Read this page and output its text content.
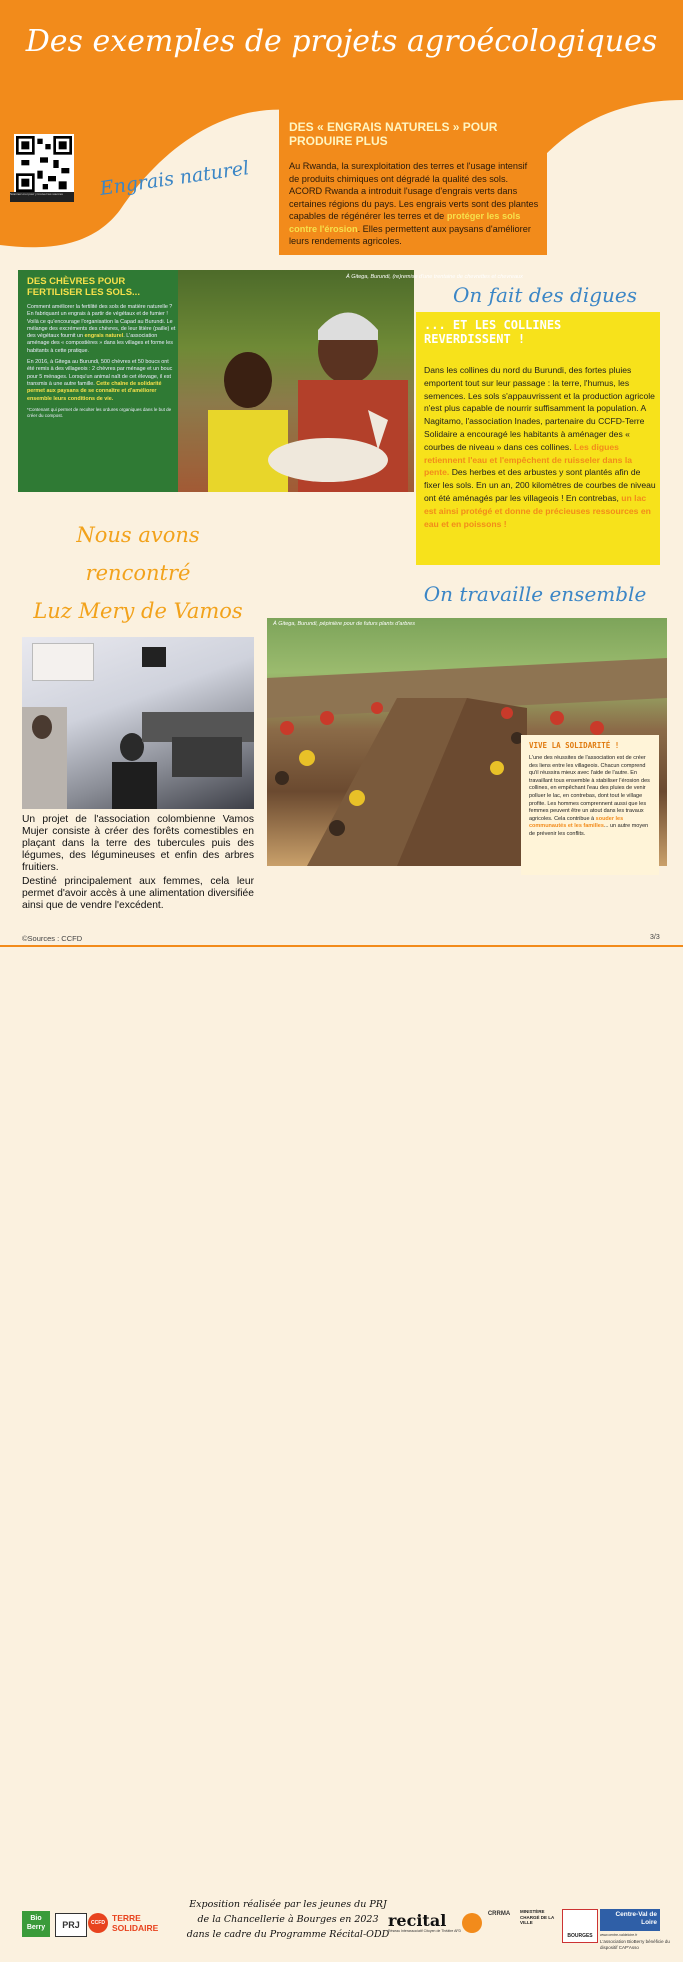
Des exemples de projets agroécologiques
Scannez-moi pour y trouver les sources	Engrais naturel
DES « ENGRAIS NATURELS » POUR PRODUIRE PLUS
Au Rwanda, la surexploitation des terres et l'usage intensif de produits chimiques ont dégradé la qualité des sols. ACORD Rwanda a introduit l'usage d'engrais verts dans certaines régions du pays. Les engrais verts sont des plantes capables de régénérer les terres et de protéger les sols contre l'érosion. Elles permettent aux paysans d'améliorer leurs rendements agricoles.
DES CHÈVRES POUR FERTILISER LES SOLS...

Comment améliorer la fertilité des sols de matière naturelle ? En fabriquant un engrais à partir de végétaux et de fumier ! Voilà ce qu'encourage l'organisation la Capad au Burundi. Le mélange des excréments des chèvres, de leur litière (paille) et des végétaux fournit un engrais naturel. L'association aménage des « compostières » dans les villages et forme les habitants à cette pratique.

En 2016, à Gitega au Burundi, 500 chèvres et 50 boucs ont été remis à des villageois : 2 chèvres par ménage et un bouc pour 5 ménages. Lorsqu'un animal naît de cet élevage, il est transmis à une autre famille. Cette chaîne de solidarité permet aux paysans de se connaître et d'améliorer ensemble leurs conditions de vie.

*Contenant qui permet de recolter les ordures organiques dans le but de créer du compost.

À Gitega, Burundi, (re)remise d'une trentaine de chevrettes et chevreaux
On fait des digues
... ET LES COLLINES REVERDISSENT !
Dans les collines du nord du Burundi, des fortes pluies emportent tout sur leur passage : la terre, l'humus, les semences. Les sols s'appauvrissent et la production agricole n'est plus capable de nourrir suffisamment la population. A Nagitamo, l'association Inades, partenaire du CCFD-Terre Solidaire a encouragé les habitants à aménager des « courbes de niveau » dans ces collines. Les digues retiennent l'eau et l'empêchent de ruisseler dans la pente. Des herbes et des arbustes y sont plantés afin de fixer les sols. En un an, 200 kilomètres de courbes de niveau ont été aménagés par les villageois ! En contrebas, un lac est ainsi protégé et donne de précieuses ressources en eau et en poissons !
Nous avons rencontré
Luz Mery de Vamos
Un projet de l'association colombienne Vamos Mujer consiste à créer des forêts comestibles en plaçant dans la terre des tubercules puis des légumes, des légumineuses et enfin des arbres fruitiers.
Destiné principalement aux femmes, cela leur permet d'avoir accès à une alimentation diversifiée ainsi que de vendre l'excédent.
On travaille ensemble
À Gitega, Burundi, pépinière pour de futurs plants d'arbres
VIVE LA SOLIDARITÉ !
L'une des réussites de l'association est de créer des liens entre les villageois. Chacun comprend qu'il réussira mieux avec l'aide de l'autre. En travaillant tous ensemble à stabiliser l'érosion des collines, en empêchant l'eau des pluies de venir polluer le lac, en contrebas, dont tout le village profite. Les hommes comprennent aussi que les femmes peuvent être un atout dans les travaux agricoles. Cela contribue à souder les communautés et les familles... un autre moyen de prévenir les conflits.
©Sources : CCFD	3/3
Bio Berry	PRJ	CCFD TERRE SOLIDAIRE
Exposition réalisée par les jeunes du PRJ
de la Chancellerie à Bourges en 2023
dans le cadre du Programme Récital-ODD
recital
Réseau Interassociatif Citoyen de Théâtre AFD
CRRMA	MINISTÈRE CHARGÉ DE LA VILLE
BOURGES
Centre-Val de Loire
www.centre-valdeloire.fr
L'association BioBerry bénéficie du dispositif CAP'Asso
